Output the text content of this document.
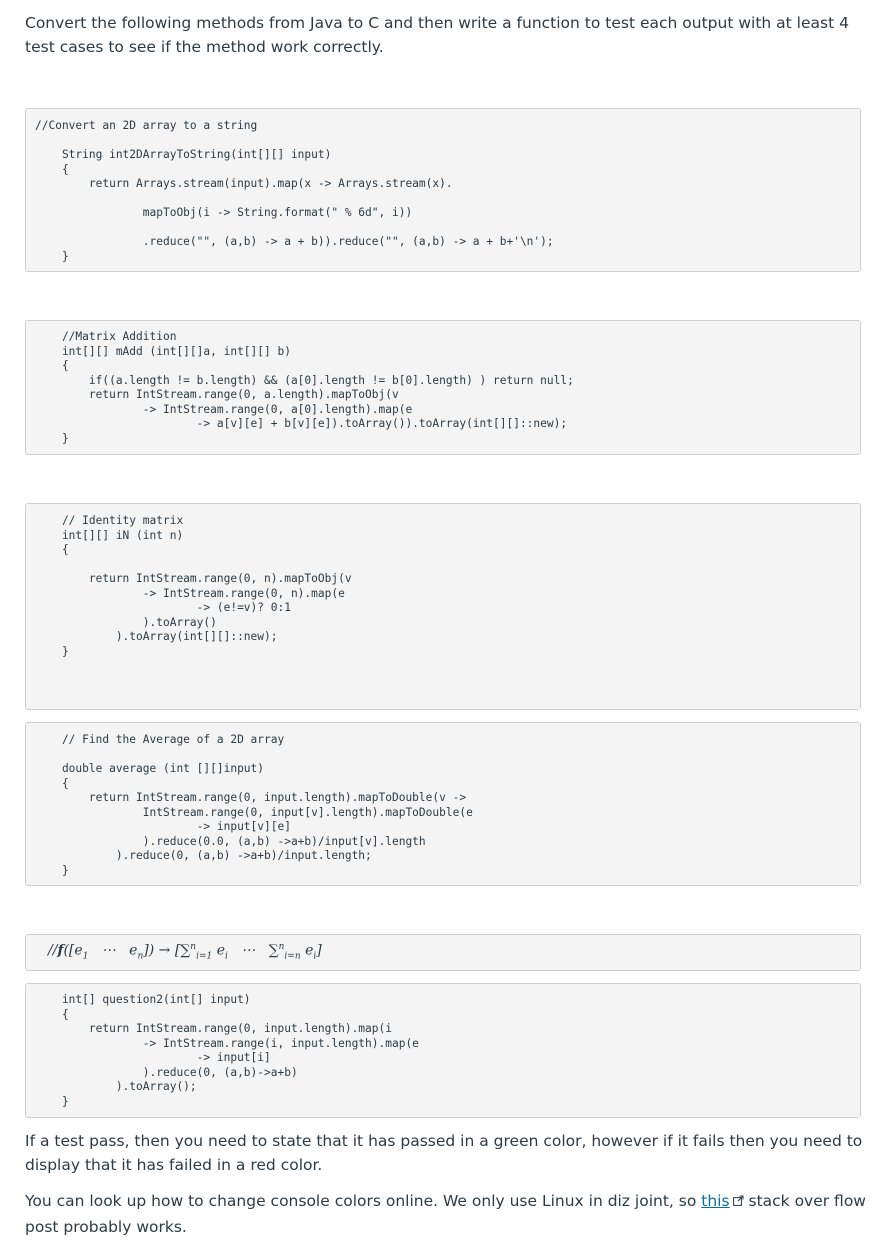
Convert the following methods from Java to C and then write a function to test each output with at least 4 test cases to see if the method work correctly.

//Convert an 2D array to a string

String int2DArrayToString(int[][] input)
{
return Arrays.stream(input).map(x -> Arrays.stream(x).

mapToObj(i -> String.format(" % 6d", i))

.reduce("", (a,b) -> a + b)).reduce("", (a,b) -> a + b+'\n');
}
//Matrix Addition
int[][] mAdd (int[][]a, int[][] b)
{
if((a.length != b.length) && (a[0].length != b[0].length) ) return null;
return IntStream.range(0, a.length).mapToObj(v
-> IntStream.range(0, a[0].length).map(e
-> a[v][e] + b[v][e]).toArray()).toArray(int[][]::new);
}
// Identity matrix
int[][] iN (int n)
{

return IntStream.range(0, n).mapToObj(v
-> IntStream.range(0, n).map(e
-> (e!=v)? 0:1
).toArray()
).toArray(int[][]::new);
}
// Find the Average of a 2D array

double average (int [][]input)
{
return IntStream.range(0, input.length).mapToDouble(v ->
IntStream.range(0, input[v].length).mapToDouble(e
-> input[v][e]
).reduce(0.0, (a,b) ->a+b)/input[v].length
).reduce(0, (a,b) ->a+b)/input.length;
}
$//f([e_1$ ⋯ $e_n]) \to [\sum^n_{i=1}$ $e_i$ ⋯ ∑$^n_{i=n}$ $e_i$]
int[] question2(int[] input)
{
return IntStream.range(0, input.length).map(i
-> IntStream.range(i, input.length).map(e
-> input[i]
).reduce(0, (a,b)->a+b)
).toArray();
}

If a test pass, then you need to state that it has passed in a green color, however if it fails then you need to display that it has failed in a red color.

You can look up how to change console colors online. We only use Linux in diz joint, so this stack over flow post probably works.
